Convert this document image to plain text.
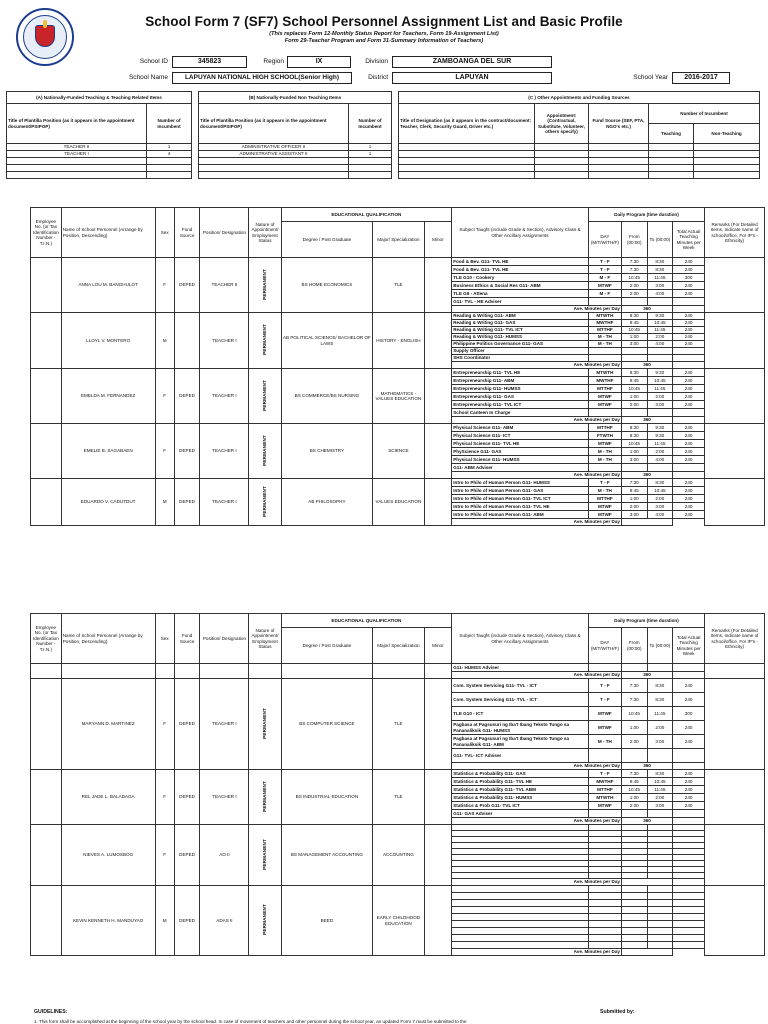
School Form 7 (SF7) School Personnel Assignment List and Basic Profile
(This replaces Form 12-Monthly Status Report for Teachers, Form 19-Assignment List)
Form 29-Teacher Program and Form 31-Summary Information of Teachers)
School ID	345823	Region	IX	Division	ZAMBOANGA DEL SUR
School Name	LAPUYAN NATIONAL HIGH SCHOOL(Senior High)	District	LAPUYAN	School Year	2016-2017
(A) Nationally-Funded Teaching & Teaching Related Items	
Title of Plantilla Position (as it appears in the appointment document/PSIPOP)	Number of Incumbent
TEACHER II	1
TEACHER I	4

(B) Nationally-Funded Non Teaching Items	
Title of Plantilla Position (as it appears in the appointment document/PSIPOP)	Number of Incumbent
ADMINISTRATIVE OFFICER II	1
ADMINISTRATIVE ASSISTANT II	1

(C ) Other Appointments and Funding Sources				
Title of Designation (as it appears in the contract/document: Teacher, Clerk, Security Guard, Driver etc.)	Appointment: (Contractual, Substitute, Volunteer, others specify)	Fund Source (SEF, PTA, NGO's etc.)	Number of Incumbent	
			Teaching	Non-Teaching

Employee No. (or Tax Identification Number -T.I.N.)	Name of School Personnel (Arrange by Position, Descending)	Sex	Fund Source	Position/ Designation	Nature of Appointment/ Employment Status	EDUCATIONAL QUALIFICATION			Subject Taught (include Grade & Section), Advisory Class & Other Ancillary Assignments	Daily Program (time duration)				Remarks (For Detailed Items, Indicate name of school/office, For IP's -Ethnicity)
						Degree / Post Graduate	Major/ Specialization	Minor		DAY (M/T/W/TH/F)	From (00:00)	To (00:00)	Total Actual Teaching Minutes per Week	
	ANNA LOU M. BANGHULOT	F	DEPED	TEACHER II	PERMANENT	BS HOME ECONOMICS	TLE		Food & Bev. G11- TVL HE	T - F	7:30	8:30	240	
									Food & Bev. G11- TVL HE	T - F	7:30	8:30	240	
									TLE G10 - Cookery	M - F	10:45	11:45	300	
									Business Ethics & Social Res G11- ABM	MTWF	2:00	3:00	240	
									TLE G9 - Attena	M - F	2:00	4:00	240	
									G11- TVL - HE Adviser					
									Ave. Minutes per Day		360			
	LLOYL V. MONTERO	M		TEACHER I	PERMANENT	AB POLITICAL SCIENCE/ BACHELOR OF LAWS	HISTORY - ENGLISH		Reading & Writing G11- ABM	MTWTH	8:30	9:30	240	
									Reading & Writing G11- GAS	MWTHF	9:45	10:45	240	
									Reading & Writing G11- TVL ICT	MTTHF	10:45	11:45	240	
									Reading & Writing G11- HUMSS	M - TH	1:00	2:00	240	
									Philippine Politics Governance G11- GAS	M - TH	3:00	4:00	240	
									Supply Officer					
									SHS Coordinator					
									Ave. Minutes per Day		360			
	EMELDA M. FERNANDEZ	F	DEPED	TEACHER I	PERMANENT	BS COMMERCE/BS NURSING	MATHEMATICS - VALUES EDUCATION		Entrepreneurship G11- TVL HE	MTWTH	8:30	9:30	240	
									Entrepreneurship G11- ABM	MWTHF	9:45	10:45	240	
									Entrepreneurship G11- HUMSS	MTTHF	10:45	11:45	240	
									Entrepreneurship G11- GAS	MTWF	1:00	2:00	240	
									Entrepreneurship G11- TVL ICT	MTWF	2:00	3:00	240	
									School Canteen In Charge					
									Ave. Minutes per Day		360			
	EMELIE B. SAGABAEN	F	DEPED	TEACHER I	PERMANENT	BS CHEMISTRY	SCIENCE		Physical Science G11- ABM	MTTHF	8:30	9:30	240	
									Physical Science G11- ICT	FTWTH	8:30	9:30	240	
									Physical Science G11- TVL HE	MTWF	10:45	11:45	240	
									PhyScience G11- GAS	M - TH	1:00	2:00	240	
									Physical Science G11- HUMSS	M - TH	3:00	4:00	240	
									G11- ABM Adviser					
									Ave. Minutes per Day		360			
	EDUARDO V. CADUTDUT	M	DEPED	TEACHER I	PERMANENT	AB PHILOSOPHY	VALUES EDUCATION		Intro to Philo of Human Person G11- HUMSS	T - F	7:30	8:30	240	
									Intro to Philo of Human Person G11- GAS	M - TH	9:45	10:45	240	
									Intro to Philo of Human Person G11- TVL ICT	MTTHF	1:00	2:00	240	
									Intro to Philo of Human Person G11- TVL HE	MTWF	2:00	3:00	240	
									Intro to Philo of Human Person G11- ABM	MTWF	3:00	4:00	240	
									Ave. Minutes per Day					
Employee No. (or Tax Identification Number -T.I.N.)	Name of School Personnel (Arrange by Position, Descending)	Sex	Fund Source	Position/ Designation	Nature of Appointment/ Employment Status	EDUCATIONAL QUALIFICATION			Subject Taught (include Grade & Section), Advisory Class & Other Ancillary Assignments	Daily Program (time duration)				Remarks (For Detailed Items, Indicate name of school/office, For IP's -Ethnicity)
						Degree / Post Graduate	Major/ Specialization	Minor		DAY (M/T/W/TH/F)	From (00:00)	To (00:00)	Total Actual Teaching Minutes per Week	
									G11- HUMSS Adviser					
									Ave. Minutes per Day		360			
	MARYANN D. MARTINEZ	F	DEPED	TEACHER I	PERMANENT	BS COMPUTER SCIENCE	TLE		Com. System Servicing G11- TVL - ICT	T - F	7:30	8:30	240	
									Com. System Servicing G11- TVL - ICT	T - F	7:30	8:30	240	
									TLE G10 - ICT	MTWF	10:45	11:45	300	
									Pagbasa at Pagsusuri ng Iba't Ibang Teksto Tungo sa Pananaliksik G11- HUMSS	MTWF	1:00	2:00	240	
									Pagbasa at Pagsusuri ng Iba't Ibang Teksto Tungo sa Pananaliksik G11- ABM	M - TH	2:00	3:00	240	
									G11- TVL- ICT Adviser					
									Ave. Minutes per Day		360			
	REL JADE L. BALADAGA	F	DEPED	TEACHER I	PERMANENT	BS INDUSTRIAL EDUCATION	TLE		Statistics & Probability G11- GAS	T - F	7:30	8:30	240	
									Statistics & Probability G11- TVL HE	MWTHF	9:45	10:45	240	
									Statistics & Probability G11- TVL ABM	MTTHF	10:45	11:45	240	
									Statistics & Probability G11- HUMSS	MTWTH	1:00	2:00	240	
									Statistics & Prob G11- TVL ICT	MTWF	2:00	3:00	240	
									G11- GAS Adviser					
									Ave. Minutes per Day		360			
	NIEVES A. LUMOSBOG	F	DEPED	AO II	PERMANENT	BS MANAGEMENT ACCOUNTING	ACCOUNTING							

									Ave. Minutes per Day					
	KEVIN KENNETH H. MANDUYAO	M	DEPED	ADAS II	PERMANENT	BEED	EARLY CHILDHOOD EDUCATION							

									Ave. Minutes per Day					
GUIDELINES:	Submitted by:
1. This form shall be accomplished at the beginning of the school year by the school head. In case of movement of teachers and other personnel during the school year, an updated Form 7 must be submitted to the
